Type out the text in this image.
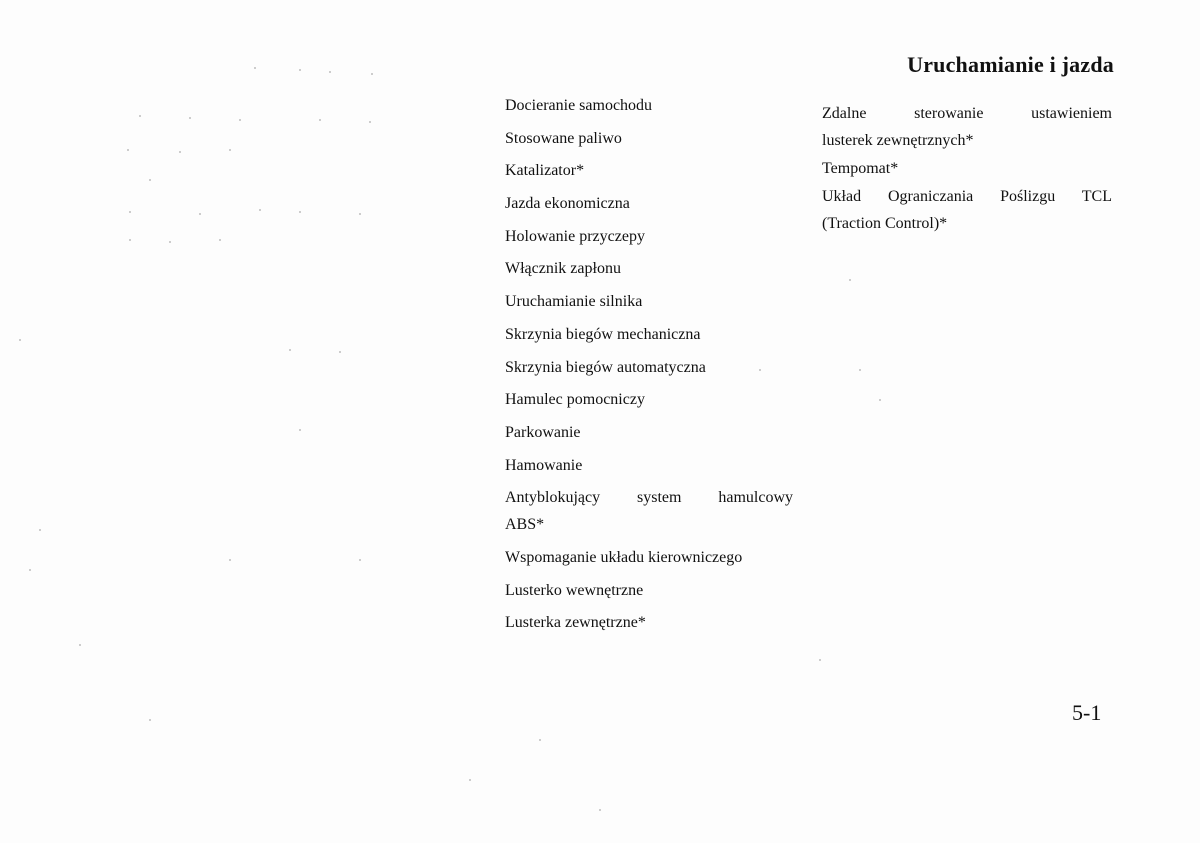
Uruchamianie i jazda
Docieranie samochodu
Stosowane paliwo
Katalizator*
Jazda ekonomiczna
Holowanie przyczepy
Włącznik zapłonu
Uruchamianie silnika
Skrzynia biegów mechaniczna
Skrzynia biegów automatyczna
Hamulec pomocniczy
Parkowanie
Hamowanie
Antyblokujący system hamulcowy
ABS*
Wspomaganie układu kierowniczego
Lusterko wewnętrzne
Lusterka zewnętrzne*
Zdalne sterowanie ustawieniem
lusterek zewnętrznych*
Tempomat*
Układ Ograniczania Poślizgu TCL
(Traction Control)*

5-1
